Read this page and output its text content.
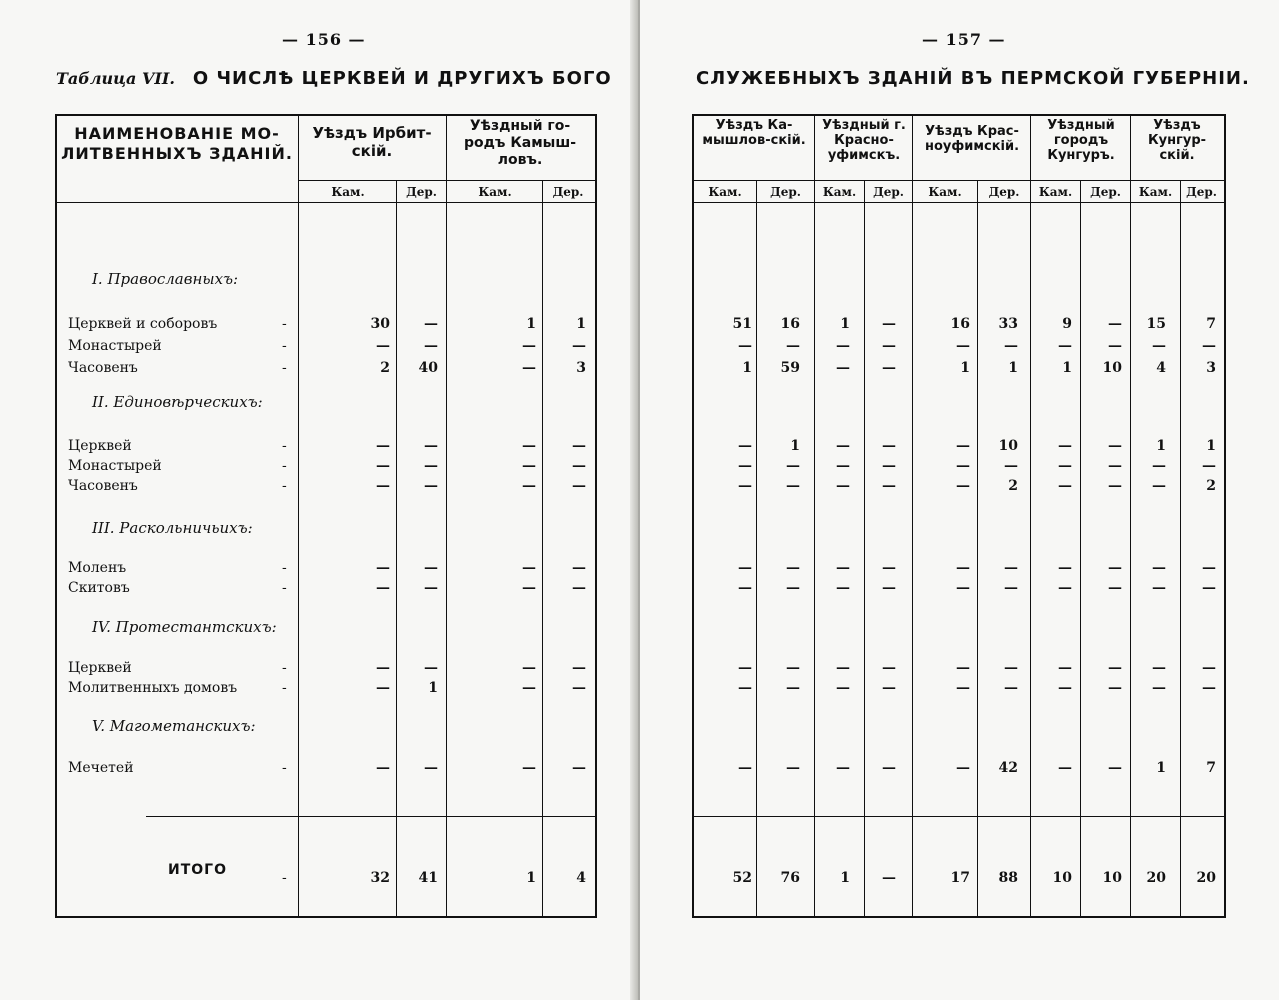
— 156 —
Таблица VII. О ЧИСЛѢ ЦЕРКВЕЙ И ДРУГИХЪ БОГО
НАИМЕНОВАНІЕ МО-ЛИТВЕННЫХЪ ЗДАНІЙ.
Уѣздъ Ирбит-скій.
Уѣздный го-родъ Камыш-ловъ.
Кам.	Дер.	Кам.	Дер.
I. Православныхъ:
Церквей и соборовъ	-	30	—	1	1
Монастырей	-	—	—	—	—
Часовенъ	-	2	40	—	3
II. Единовѣрческихъ:
Церквей	-	—	—	—	—
Монастырей	-	—	—	—	—
Часовенъ	-	—	—	—	—
III. Раскольничьихъ:
Моленъ	-	—	—	—	—
Скитовъ	-	—	—	—	—
IV. Протестантскихъ:
Церквей	-	—	—	—	—
Молитвенныхъ домовъ	-	—	1	—	—
V. Магометанскихъ:
Мечетей	-	—	—	—	—
ИТОГО	-	32	41	1	4
— 157 —
СЛУЖЕБНЫХЪ ЗДАНІЙ ВЪ ПЕРМСКОЙ ГУБЕРНІИ.
Уѣздъ Ка-мышлов-скій.
Уѣздный г. Красно-уфимскъ.
Уѣздъ Крас-ноуфимскій.
Уѣздный городъ Кунгуръ.
Уѣздъ Кунгур-скій.
Кам.	Дер.	Кам.	Дер.	Кам.	Дер.	Кам.	Дер.	Кам.	Дер.
51	16	1	—	16	33	9	—	15	7
—	—	—	—	—	—	—	—	—	—
1	59	—	—	1	1	1	10	4	3
—	1	—	—	—	10	—	—	1	1
—	—	—	—	—	—	—	—	—	—
—	—	—	—	—	2	—	—	—	2
—	—	—	—	—	—	—	—	—	—
—	—	—	—	—	—	—	—	—	—
—	—	—	—	—	—	—	—	—	—
—	—	—	—	—	—	—	—	—	—
—	—	—	—	—	42	—	—	1	7
52	76	1	—	17	88	10	10	20	20
